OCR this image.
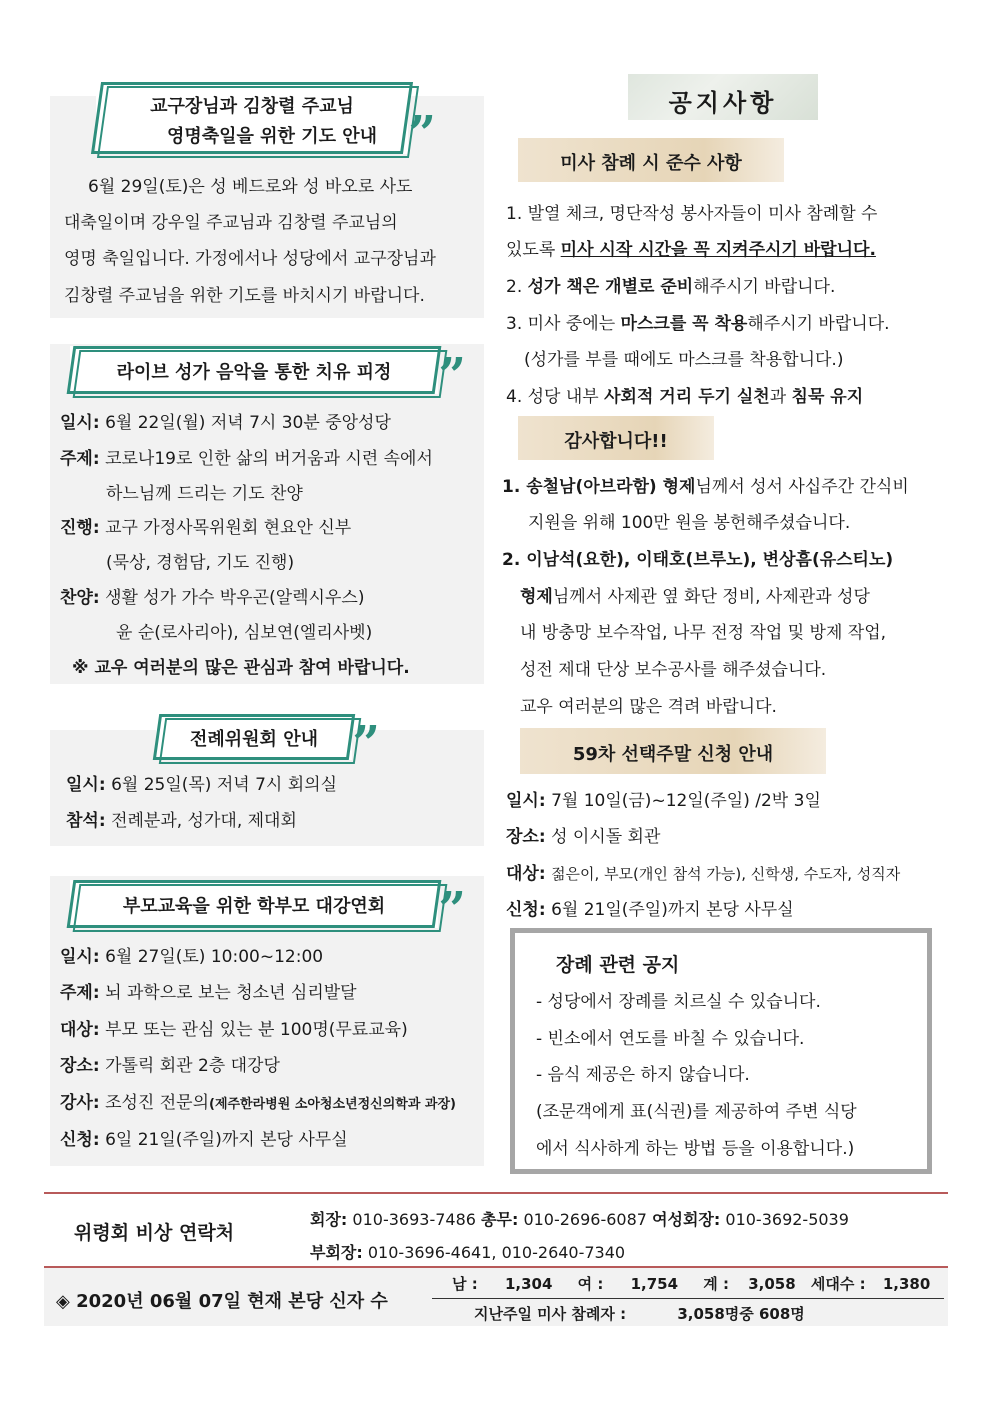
교구장님과 김창렬 주교님
영명축일을 위한 기도 안내 ”
6월 29일(토)은 성 베드로와 성 바오로 사도
대축일이며 강우일 주교님과 김창렬 주교님의
영명 축일입니다. 가정에서나 성당에서 교구장님과
김창렬 주교님을 위한 기도를 바치시기 바랍니다.
라이브 성가 음악을 통한 치유 피정 ”
일시: 6월 22일(월) 저녁 7시 30분 중앙성당
주제: 코로나19로 인한 삶의 버거움과 시련 속에서
하느님께 드리는 기도 찬양
진행: 교구 가정사목위원회 현요안 신부
(묵상, 경험담, 기도 진행)
찬양: 생활 성가 가수 박우곤(알렉시우스)
윤 순(로사리아), 심보연(엘리사벳)
※ 교우 여러분의 많은 관심과 참여 바랍니다.
전례위원회 안내 ”
일시: 6월 25일(목) 저녁 7시 회의실
참석: 전례분과, 성가대, 제대회
부모교육을 위한 학부모 대강연회	”
일시: 6월 27일(토) 10:00~12:00
주제: 뇌 과학으로 보는 청소년 심리발달
대상: 부모 또는 관심 있는 분 100명(무료교육)
장소: 가톨릭 회관 2층 대강당
강사: 조성진 전문의(제주한라병원 소아청소년정신의학과 과장)
신청: 6일 21일(주일)까지 본당 사무실
공지사항
미사 참례 시 준수 사항
1. 발열 체크, 명단작성 봉사자들이 미사 참례할 수
있도록 미사 시작 시간을 꼭 지켜주시기 바랍니다.
2. 성가 책은 개별로 준비해주시기 바랍니다.
3. 미사 중에는 마스크를 꼭 착용해주시기 바랍니다.
(성가를 부를 때에도 마스크를 착용합니다.)
4. 성당 내부 사회적 거리 두기 실천과 침묵 유지
감사합니다!!
1. 송철남(아브라함) 형제님께서 성서 사십주간 간식비
지원을 위해 100만 원을 봉헌해주셨습니다.
2. 이남석(요한), 이태호(브루노), 변상흠(유스티노)
형제님께서 사제관 옆 화단 정비, 사제관과 성당
내 방충망 보수작업, 나무 전정 작업 및 방제 작업,
성전 제대 단상 보수공사를 해주셨습니다.
교우 여러분의 많은 격려 바랍니다.
59차 선택주말 신청 안내
일시: 7월 10일(금)~12일(주일) /2박 3일
장소: 성 이시돌 회관
대상: 젊은이, 부모(개인 참석 가능), 신학생, 수도자, 성직자
신청: 6월 21일(주일)까지 본당 사무실
장례 관련 공지
- 성당에서 장례를 치르실 수 있습니다.
- 빈소에서 연도를 바칠 수 있습니다.
- 음식 제공은 하지 않습니다.
(조문객에게 표(식권)를 제공하여 주변 식당
에서 식사하게 하는 방법 등을 이용합니다.)
위령회 비상 연락처
회장: 010-3693-7486 총무: 010-2696-6087 여성회장: 010-3692-5039
부회장: 010-3696-4641, 010-2640-7340
◈ 2020년 06월 07일 현재 본당 신자 수
남 : 1,304 여 : 1,754 계 : 3,058 세대수 : 1,380
지난주일 미사 참례자 :	3,058명중 608명
